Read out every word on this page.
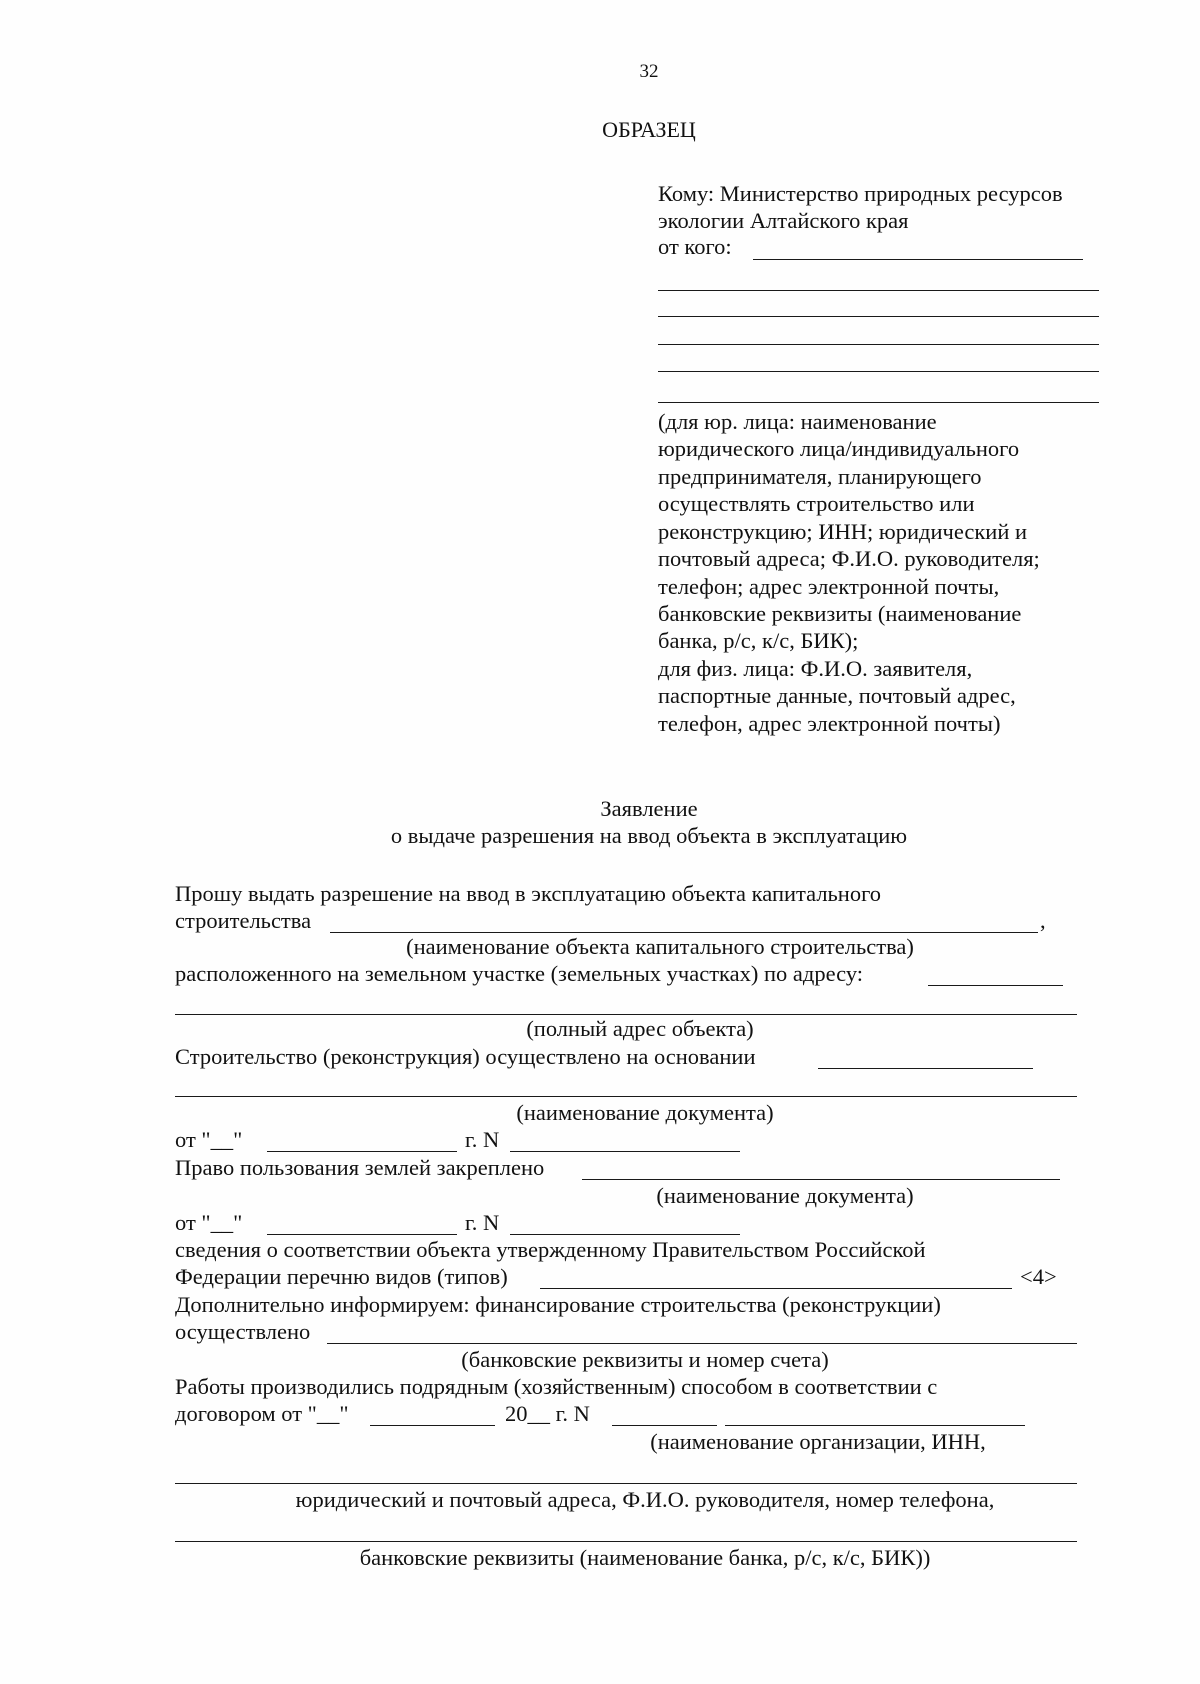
32
ОБРАЗЕЦ
Кому: Министерство природных ресурсов
экологии Алтайского края
от кого:
(для юр. лица: наименование
юридического лица/индивидуального
предпринимателя, планирующего
осуществлять строительство или
реконструкцию; ИНН; юридический и
почтовый адреса; Ф.И.О. руководителя;
телефон; адрес электронной почты,
банковские реквизиты (наименование
банка, р/с, к/с, БИК);
для физ. лица: Ф.И.О. заявителя,
паспортные данные, почтовый адрес,
телефон, адрес электронной почты)
Заявление
о выдаче разрешения на ввод объекта в эксплуатацию
Прошу выдать разрешение на ввод в эксплуатацию объекта капитального
строительства	,
(наименование объекта капитального строительства)
расположенного на земельном участке (земельных участках) по адресу:
(полный адрес объекта)
Строительство (реконструкция) осуществлено на основании
(наименование документа)
от "__"	г. N
Право пользования землей закреплено
(наименование документа)
от "__"	г. N
сведения о соответствии объекта утвержденному Правительством Российской
Федерации перечню видов (типов)	<4>
Дополнительно информируем: финансирование строительства (реконструкции)
осуществлено
(банковские реквизиты и номер счета)
Работы производились подрядным (хозяйственным) способом в соответствии с
договором от "__"	20__ г. N
(наименование организации, ИНН,
юридический и почтовый адреса, Ф.И.О. руководителя, номер телефона,
банковские реквизиты (наименование банка, р/с, к/с, БИК))
